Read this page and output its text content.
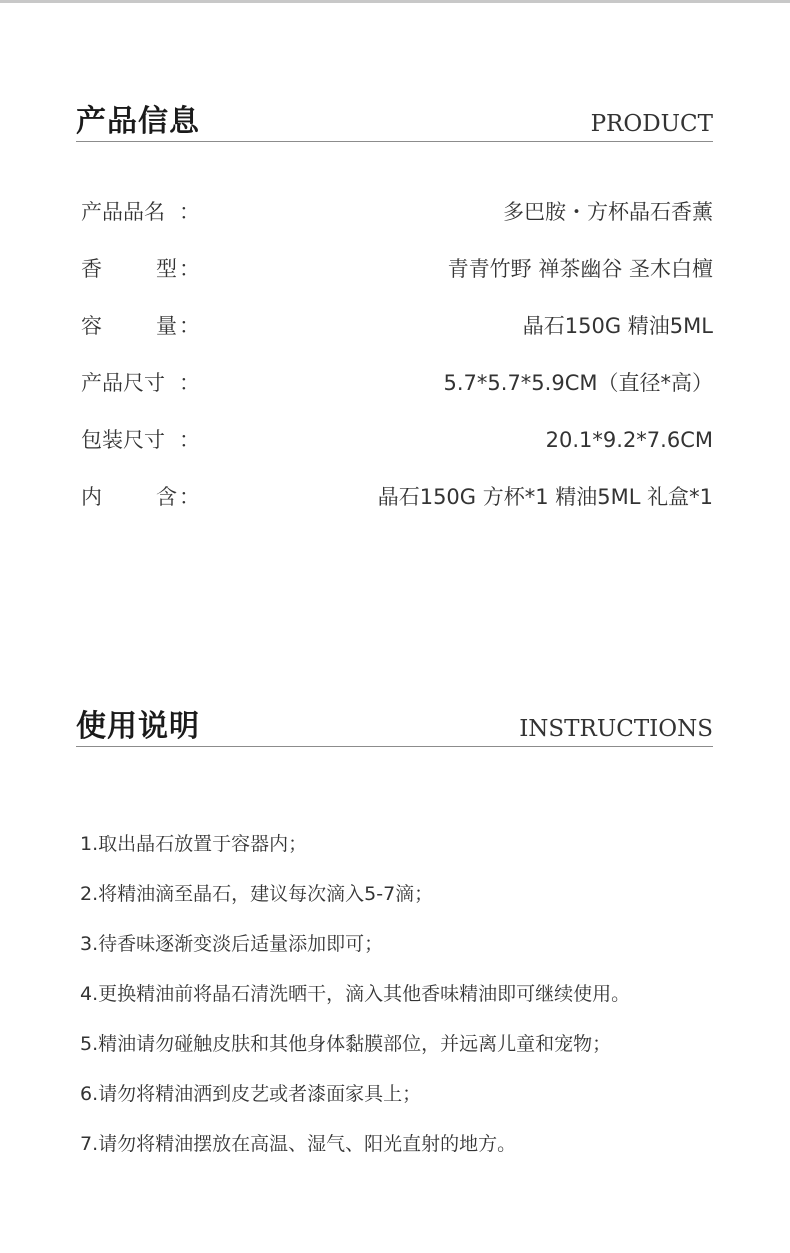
产品信息	PRODUCT
产品品名 ：	多巴胺・方杯晶石香薰
香	型 ：	青青竹野 禅茶幽谷 圣木白檀
容	量 ：	晶石150G 精油5ML
产品尺寸 ：	5.7*5.7*5.9CM（直径*高）
包装尺寸 ：	20.1*9.2*7.6CM
内	含 ：	晶石150G 方杯*1 精油5ML 礼盒*1
使用说明	INSTRUCTIONS
1.取出晶石放置于容器内；
2.将精油滴至晶石，建议每次滴入5-7滴；
3.待香味逐渐变淡后适量添加即可；
4.更换精油前将晶石清洗晒干，滴入其他香味精油即可继续使用。
5.精油请勿碰触皮肤和其他身体黏膜部位，并远离儿童和宠物；
6.请勿将精油洒到皮艺或者漆面家具上；
7.请勿将精油摆放在高温、湿气、阳光直射的地方。
